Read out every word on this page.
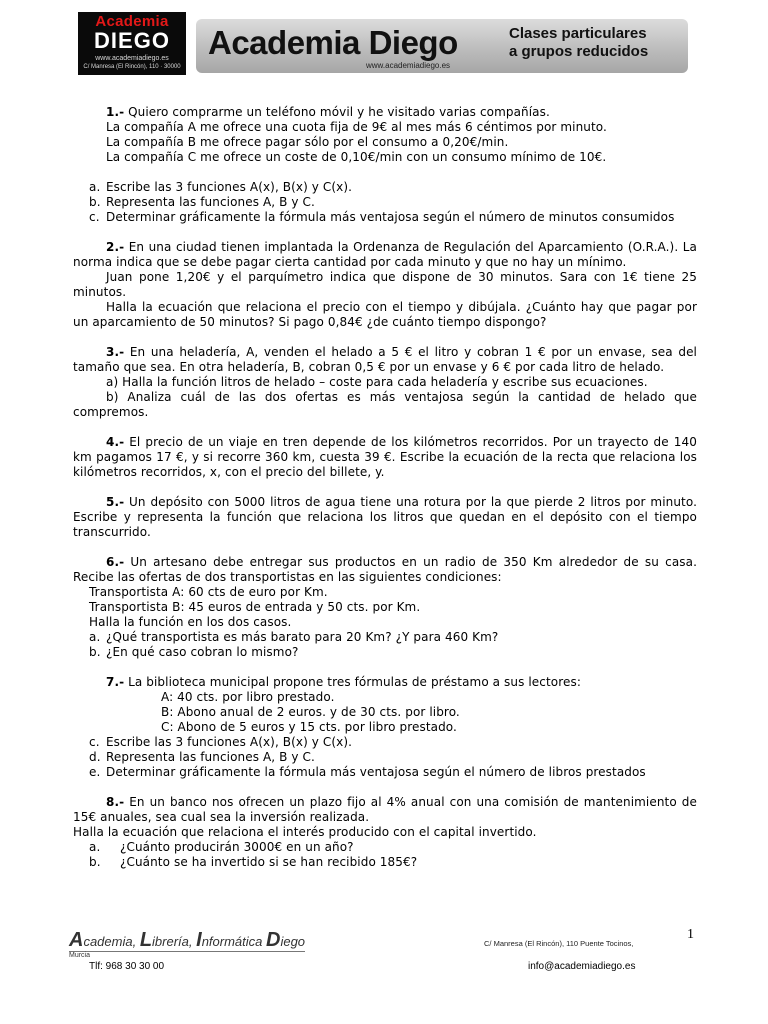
Academia
DIEGO
www.academiadiego.es
C/ Manresa (El Rincón), 110 · 30000
Academia Diego
www.academiadiego.es
Clases particulares
a grupos reducidos

1.- Quiero comprarme un teléfono móvil y he visitado varias compañías.

La compañía A me ofrece una cuota fija de 9€ al mes más 6 céntimos por minuto.

La compañía B me ofrece pagar sólo por el consumo a 0,20€/min.

La compañía C me ofrece un coste de 0,10€/min con un consumo mínimo de 10€.

a. Escribe las 3 funciones A(x), B(x) y C(x).
b. Representa las funciones A, B y C.
c. Determinar gráficamente la fórmula más ventajosa según el número de minutos consumidos

2.- En una ciudad tienen implantada la Ordenanza de Regulación del Aparcamiento (O.R.A.). La norma indica que se debe pagar cierta cantidad por cada minuto y que no hay un mínimo.

Juan pone 1,20€ y el parquímetro indica que dispone de 30 minutos. Sara con 1€ tiene 25 minutos.

Halla la ecuación que relaciona el precio con el tiempo y dibújala. ¿Cuánto hay que pagar por un aparcamiento de 50 minutos? Si pago 0,84€ ¿de cuánto tiempo dispongo?

3.- En una heladería, A, venden el helado a 5 € el litro y cobran 1 € por un envase, sea del tamaño que sea. En otra heladería, B, cobran 0,5 € por un envase y 6 € por cada litro de helado.

a) Halla la función litros de helado – coste para cada heladería y escribe sus ecuaciones.

b) Analiza cuál de las dos ofertas es más ventajosa según la cantidad de helado que compremos.

4.- El precio de un viaje en tren depende de los kilómetros recorridos. Por un trayecto de 140 km pagamos 17 €, y si recorre 360 km, cuesta 39 €. Escribe la ecuación de la recta que relaciona los kilómetros recorridos, x, con el precio del billete, y.

5.- Un depósito con 5000 litros de agua tiene una rotura por la que pierde 2 litros por minuto. Escribe y representa la función que relaciona los litros que quedan en el depósito con el tiempo transcurrido.

6.- Un artesano debe entregar sus productos en un radio de 350 Km alrededor de su casa. Recibe las ofertas de dos transportistas en las siguientes condiciones:

Transportista A: 60 cts de euro por Km.

Transportista B: 45 euros de entrada y 50 cts. por Km.

Halla la función en los dos casos.

a. ¿Qué transportista es más barato para 20 Km? ¿Y para 460 Km?
b. ¿En qué caso cobran lo mismo?

7.- La biblioteca municipal propone tres fórmulas de préstamo a sus lectores:

A: 40 cts. por libro prestado.

B: Abono anual de 2 euros. y de 30 cts. por libro.

C: Abono de 5 euros y 15 cts. por libro prestado.

c. Escribe las 3 funciones A(x), B(x) y C(x).
d. Representa las funciones A, B y C.
e. Determinar gráficamente la fórmula más ventajosa según el número de libros prestados

8.- En un banco nos ofrecen un plazo fijo al 4% anual con una comisión de mantenimiento de 15€ anuales, sea cual sea la inversión realizada.

Halla la ecuación que relaciona el interés producido con el capital invertido.

a.	¿Cuánto producirán 3000€ en un año?
b.	¿Cuánto se ha invertido si se han recibido 185€?
1
Academia, Librería, Informática Diego
Murcia
Tlf: 968 30 30 00
C/ Manresa (El Rincón), 110 Puente Tocinos,
info@academiadiego.es
